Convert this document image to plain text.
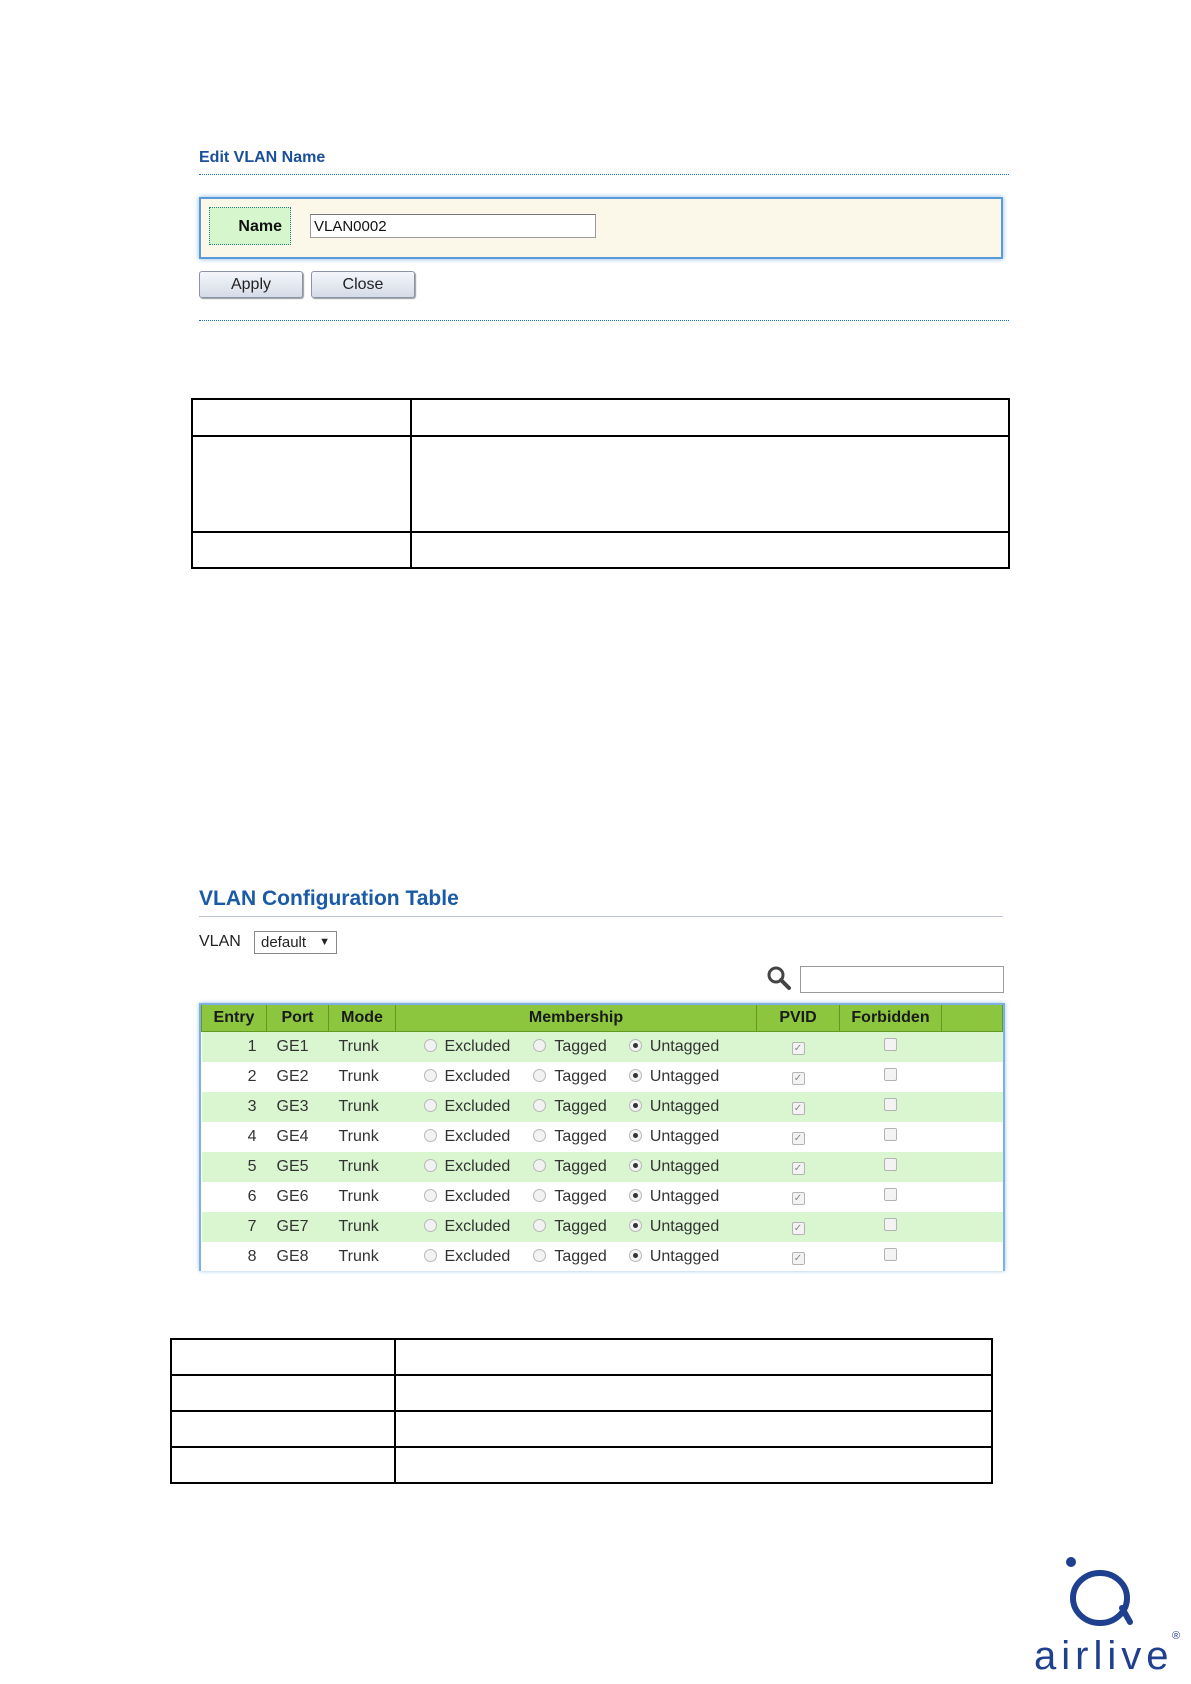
Edit VLAN Name
Name
VLAN0002
Apply	Close

VLAN Configuration Table
VLAN	default ▼
Entry	Port	Mode	Membership	PVID	Forbidden	
1	GE1	Trunk	Excluded Tagged Untagged	✓		
2	GE2	Trunk	Excluded Tagged Untagged	✓		
3	GE3	Trunk	Excluded Tagged Untagged	✓		
4	GE4	Trunk	Excluded Tagged Untagged	✓		
5	GE5	Trunk	Excluded Tagged Untagged	✓		
6	GE6	Trunk	Excluded Tagged Untagged	✓		
7	GE7	Trunk	Excluded Tagged Untagged	✓		
8	GE8	Trunk	Excluded Tagged Untagged	✓		

airlive
®
